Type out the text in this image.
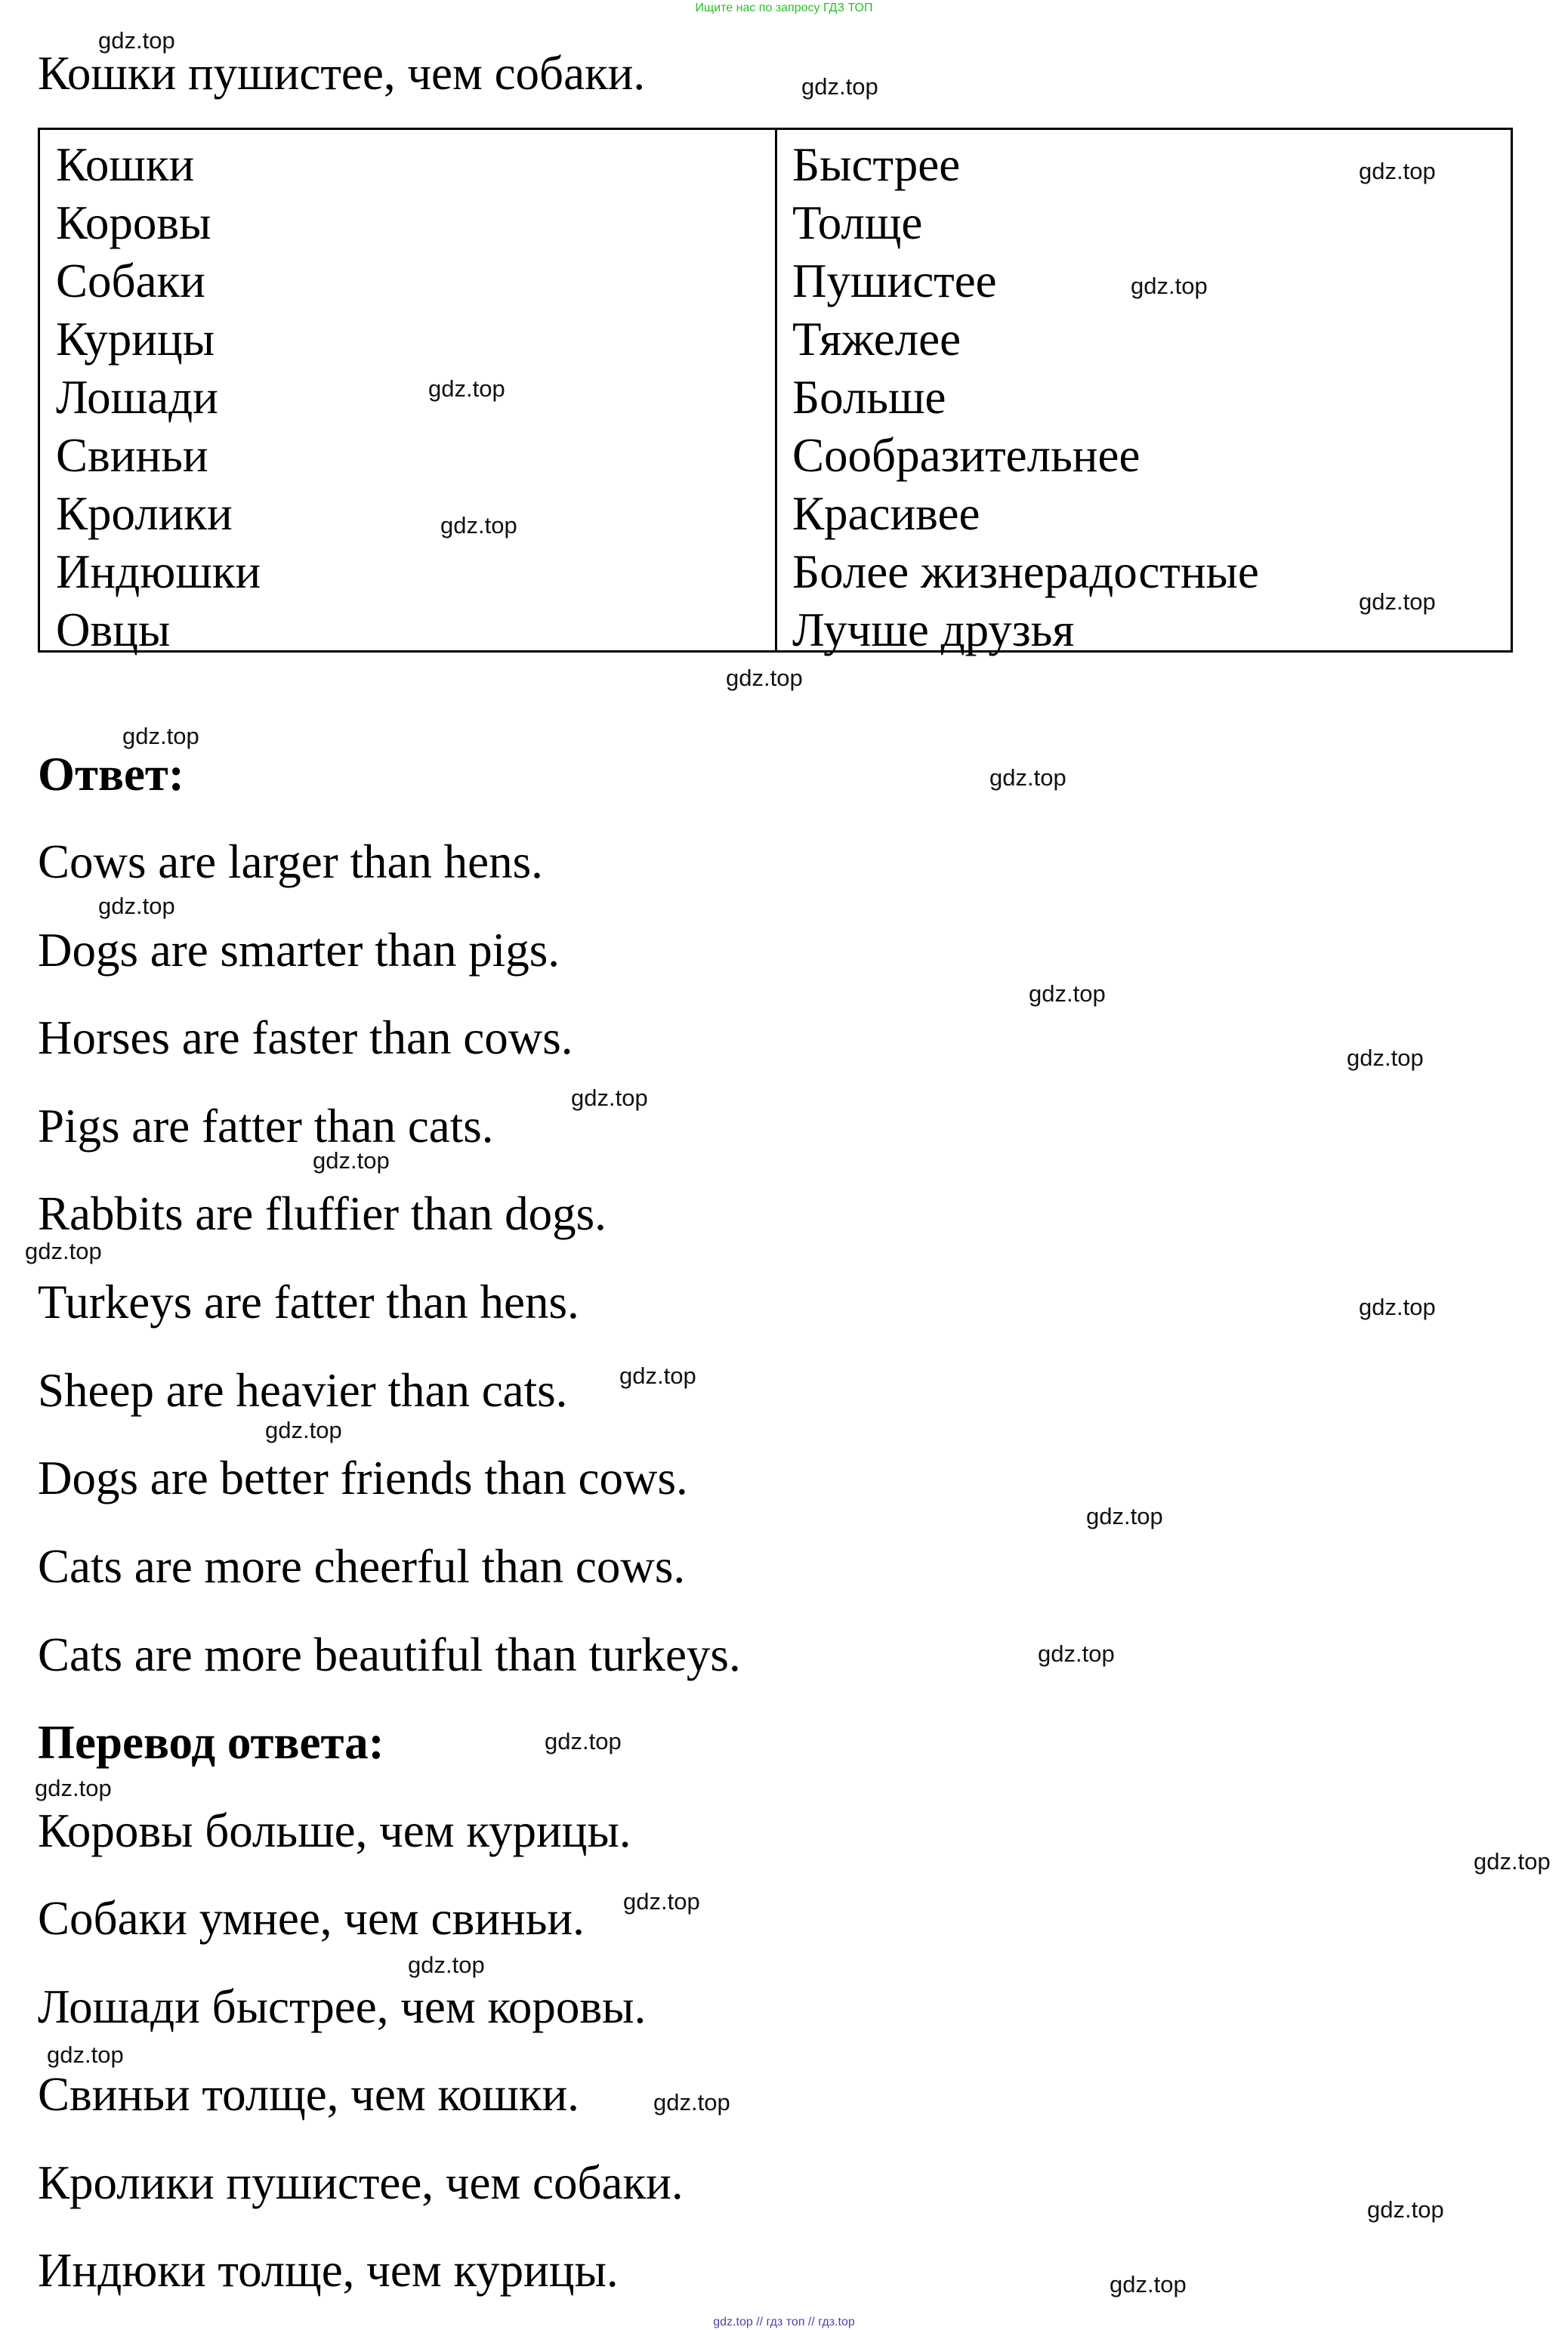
Ищите нас по запросу ГДЗ ТОП
Кошки пушистее, чем собаки.
Кошки
Коровы
Собаки
Курицы
Лошади
Свиньи
Кролики
Индюшки
Овцы
Быстрее
Толще
Пушистее
Тяжелее
Больше
Сообразительнее
Красивее
Более жизнерадостные
Лучше друзья
Ответ:
Cows are larger than hens.
Dogs are smarter than pigs.
Horses are faster than cows.
Pigs are fatter than cats.
Rabbits are fluffier than dogs.
Turkeys are fatter than hens.
Sheep are heavier than cats.
Dogs are better friends than cows.
Cats are more cheerful than cows.
Cats are more beautiful than turkeys.
Перевод ответа:
Коровы больше, чем курицы.
Собаки умнее, чем свиньи.
Лошади быстрее, чем коровы.
Свиньи толще, чем кошки.
Кролики пушистее, чем собаки.
Индюки толще, чем курицы.
gdz.top
gdz.top
gdz.top
gdz.top
gdz.top
gdz.top
gdz.top
gdz.top
gdz.top
gdz.top
gdz.top
gdz.top
gdz.top
gdz.top
gdz.top
gdz.top
gdz.top
gdz.top
gdz.top
gdz.top
gdz.top
gdz.top
gdz.top
gdz.top
gdz.top
gdz.top
gdz.top
gdz.top
gdz.top
gdz.top
gdz.top // гдз топ // гдз.top
